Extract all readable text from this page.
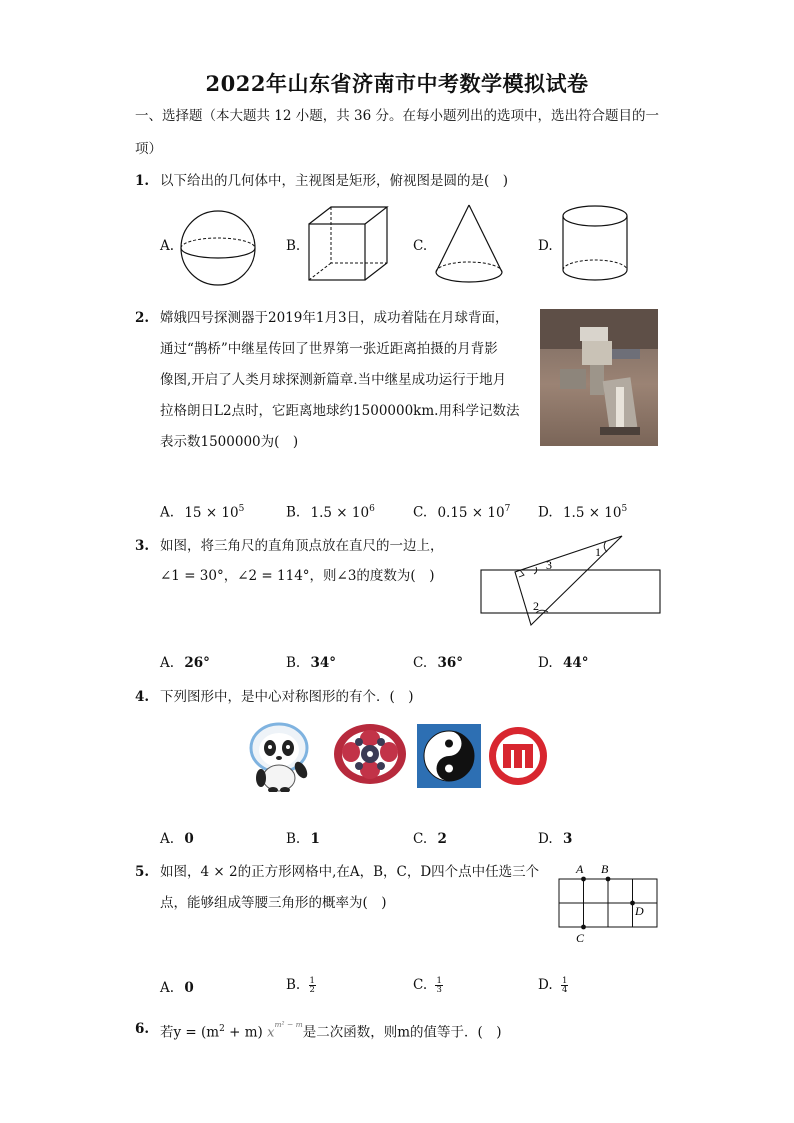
2022年山东省济南市中考数学模拟试卷
一、选择题（本大题共 12 小题，共 36 分。在每小题列出的选项中，选出符合题目的一
项）
1. 以下给出的几何体中，主视图是矩形，俯视图是圆的是(　)
A.	B.	C.	D.
2. 嫦娥四号探测器于2019年1月3日，成功着陆在月球背面，
通过“鹊桥”中继星传回了世界第一张近距离拍摄的月背影
像图,开启了人类月球探测新篇章.当中继星成功运行于地月
拉格朗日L2点时，它距离地球约1500000km.用科学记数法
表示数1500000为(　)
A. $15 \times 10^5$	B. $1.5 \times 10^6$	C. $0.15 \times 10^7$ D. $1.5 \times 10^5$
3. 如图，将三角尺的直角顶点放在直尺的一边上，
∠1 = 30°，∠2 = 114°，则∠3的度数为(　)
1
3
2
A. 26°	B. 34°	C. 36°	D. 44°
4. 下列图形中，是中心对称图形的有个．(　)
A. 0	B. 1	C. 2	D. 3
5. 如图，4 × 2的正方形网格中,在A，B，C，D四个点中任选三个
点，能够组成等腰三角形的概率为(　)
A B
C
D
A. 0	B. $\frac{1}{2}$	C. $\frac{1}{3}$	D. $\frac{1}{4}$
6. 若$y = (m^2 + m)$ $x^{m^2 - m}$是二次函数，则m的值等于．(　)
